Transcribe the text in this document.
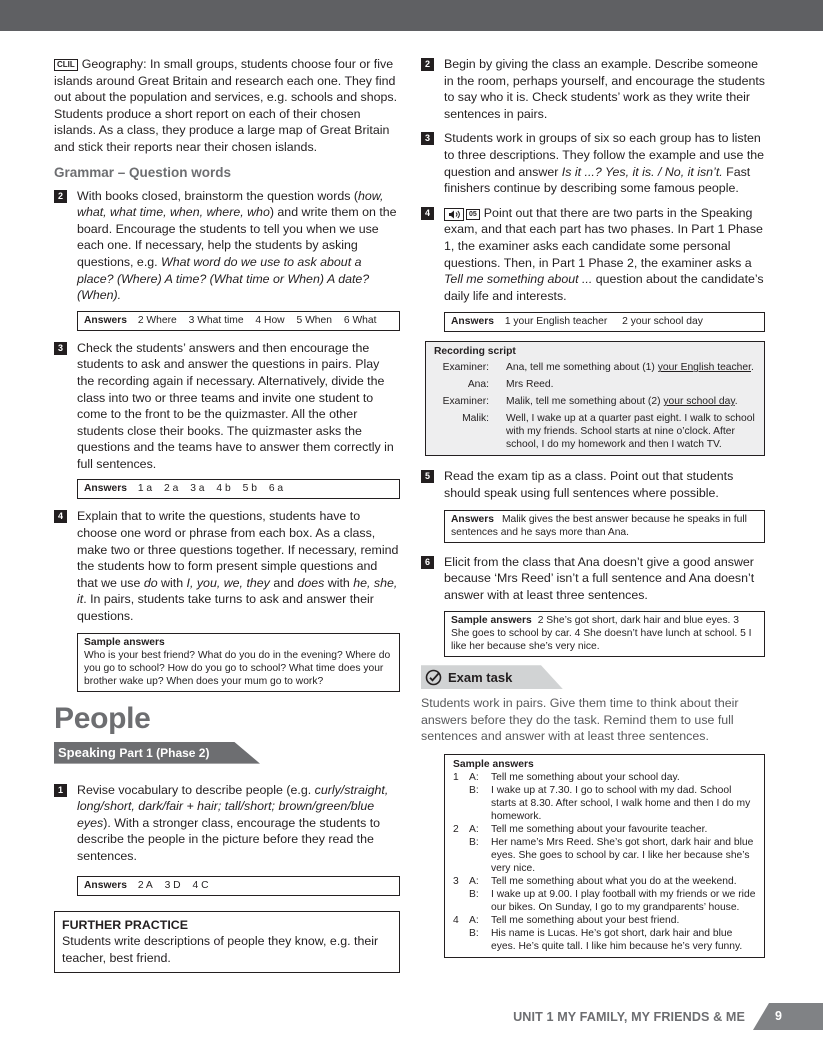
CLIL Geography: In small groups, students choose four or five islands around Great Britain and research each one. They find out about the population and services, e.g. schools and shops. Students produce a short report on each of their chosen islands. As a class, they produce a large map of Great Britain and stick their reports near their chosen islands.

Grammar – Question words
2	With books closed, brainstorm the question words (how, what, what time, when, where, who) and write them on the board. Encourage the students to tell you when we use each one. If necessary, help the students by asking questions, e.g. What word do we use to ask about a place? (Where) A time? (What time or When) A date? (When).

Answers 2 Where 3 What time 4 How 5 When 6 What
3	Check the students’ answers and then encourage the students to ask and answer the questions in pairs. Play the recording again if necessary. Alternatively, divide the class into two or three teams and invite one student to come to the front to be the quizmaster. All the other students close their books. The quizmaster asks the questions and the teams have to answer them correctly in full sentences.

Answers 1 a 2 a 3 a 4 b 5 b 6 a
4	Explain that to write the questions, students have to choose one word or phrase from each box. As a class, make two or three questions together. If necessary, remind the students how to form present simple questions and that we use do with I, you, we, they and does with he, she, it. In pairs, students take turns to ask and answer their questions.

Sample answers
Who is your best friend? What do you do in the evening? Where do you go to school? How do you go to school? What time does your brother wake up? When does your mum go to work?
People
Speaking Part 1 (Phase 2)
1	Revise vocabulary to describe people (e.g. curly/straight, long/short, dark/fair + hair; tall/short; brown/green/blue eyes). With a stronger class, encourage the students to describe the people in the picture before they read the sentences.

Answers 2 A 3 D 4 C
FURTHER PRACTICE
Students write descriptions of people they know, e.g. their teacher, best friend.
2	Begin by giving the class an example. Describe someone in the room, perhaps yourself, and encourage the students to say who it is. Check students’ work as they write their sentences in pairs.

3	Students work in groups of six so each group has to listen to three descriptions. They follow the example and use the question and answer Is it ...? Yes, it is. / No, it isn’t. Fast finishers continue by describing some famous people.

4	05 Point out that there are two parts in the Speaking exam, and that each part has two phases. In Part 1 Phase 1, the examiner asks each candidate some personal questions. Then, in Part 1 Phase 2, the examiner asks a Tell me something about ... question about the candidate’s daily life and interests.

Answers 1 your English teacher 2 your school day
Recording script
Examiner: Ana, tell me something about (1) your English teacher.
Ana: Mrs Reed.
Examiner: Malik, tell me something about (2) your school day.
Malik: Well, I wake up at a quarter past eight. I walk to school with my friends. School starts at nine o’clock. After school, I do my homework and then I watch TV.
5	Read the exam tip as a class. Point out that students should speak using full sentences where possible.

Answers Malik gives the best answer because he speaks in full sentences and he says more than Ana.
6	Elicit from the class that Ana doesn’t give a good answer because ‘Mrs Reed’ isn’t a full sentence and Ana doesn’t answer with at least three sentences.

Sample answers 2 She’s got short, dark hair and blue eyes. 3 She goes to school by car. 4 She doesn’t have lunch at school. 5 I like her because she’s very nice.
Exam task

Students work in pairs. Give them time to think about their answers before they do the task. Remind them to use full sentences and answer with at least three sentences.

Sample answers
1 A:	Tell me something about your school day.
B:	I wake up at 7.30. I go to school with my dad. School starts at 8.30. After school, I walk home and then I do my homework.
2 A:	Tell me something about your favourite teacher.
B:	Her name’s Mrs Reed. She’s got short, dark hair and blue eyes. She goes to school by car. I like her because she’s very nice.
3 A:	Tell me something about what you do at the weekend.
B:	I wake up at 9.00. I play football with my friends or we ride our bikes. On Sunday, I go to my grandparents’ house.
4 A:	Tell me something about your best friend.
B:	His name is Lucas. He’s got short, dark hair and blue eyes. He’s quite tall. I like him because he’s very funny.
UNIT 1 MY FAMILY, MY FRIENDS & ME 9
